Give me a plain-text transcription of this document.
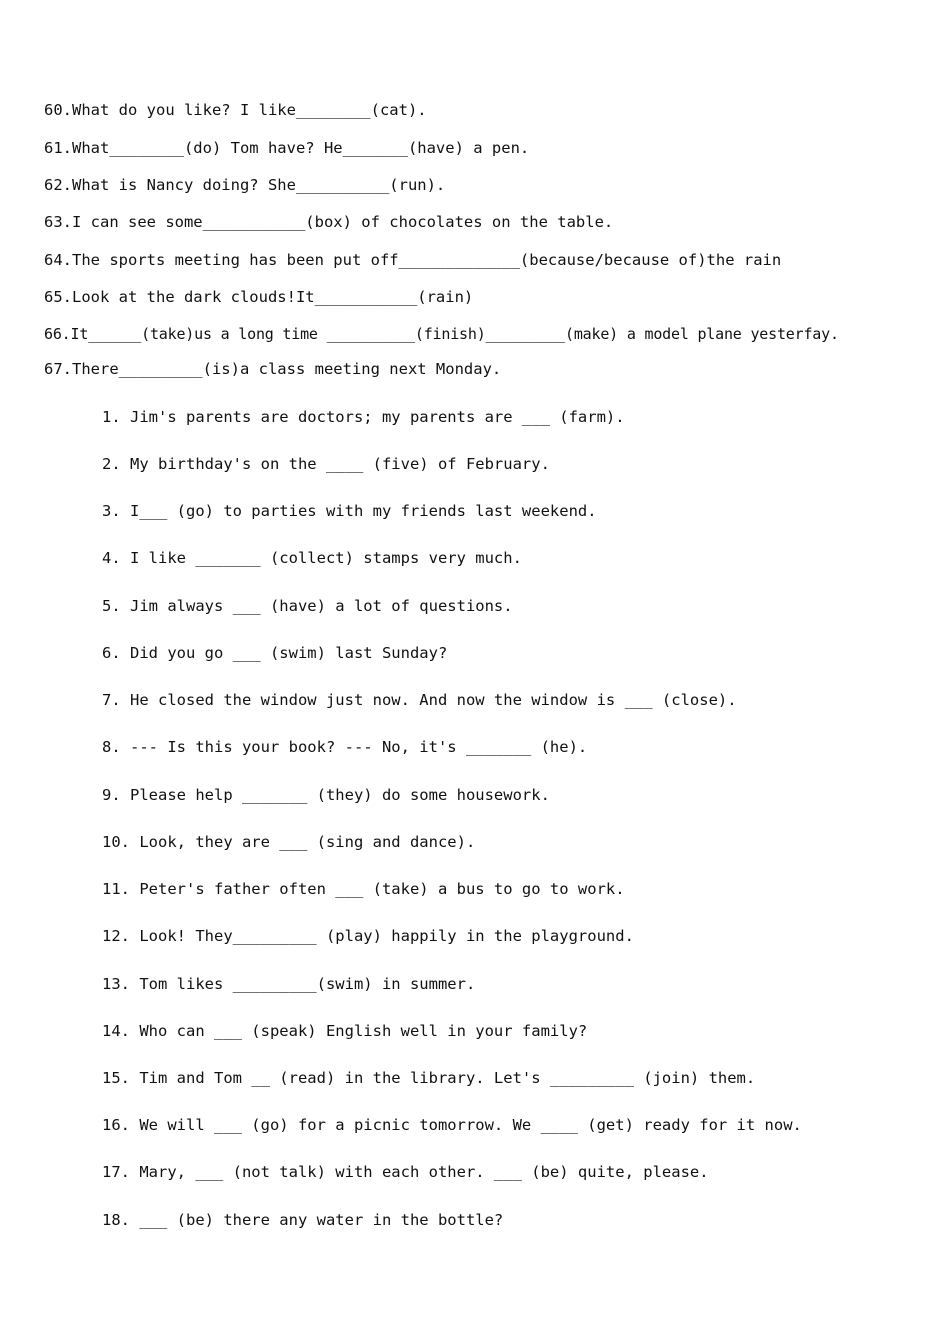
60.What do you like? I like________(cat).
61.What________(do) Tom have? He_______(have) a pen.
62.What is Nancy doing? She__________(run).
63.I can see some___________(box) of chocolates on the table.
64.The sports meeting has been put off_____________(because/because of)the rain
65.Look at the dark clouds!It___________(rain)
66.It______(take)us a long time __________(finish)_________(make) a model plane yesterfay.
67.There_________(is)a class meeting next Monday.
1. Jim's parents are doctors; my parents are ___ (farm).
2. My birthday's on the ____ (five) of February.
3. I___ (go) to parties with my friends last weekend.
4. I like _______ (collect) stamps very much.
5. Jim always ___ (have) a lot of questions.
6. Did you go ___ (swim) last Sunday?
7. He closed the window just now. And now the window is ___ (close).
8. --- Is this your book? --- No, it's _______ (he).
9. Please help _______ (they) do some housework.
10. Look, they are ___ (sing and dance).
11. Peter's father often ___ (take) a bus to go to work.
12. Look! They_________ (play) happily in the playground.
13. Tom likes _________(swim) in summer.
14. Who can ___ (speak) English well in your family?
15. Tim and Tom __ (read) in the library. Let's _________ (join) them.
16. We will ___ (go) for a picnic tomorrow. We ____ (get) ready for it now.
17. Mary, ___ (not talk) with each other. ___ (be) quite, please.
18. ___ (be) there any water in the bottle?
